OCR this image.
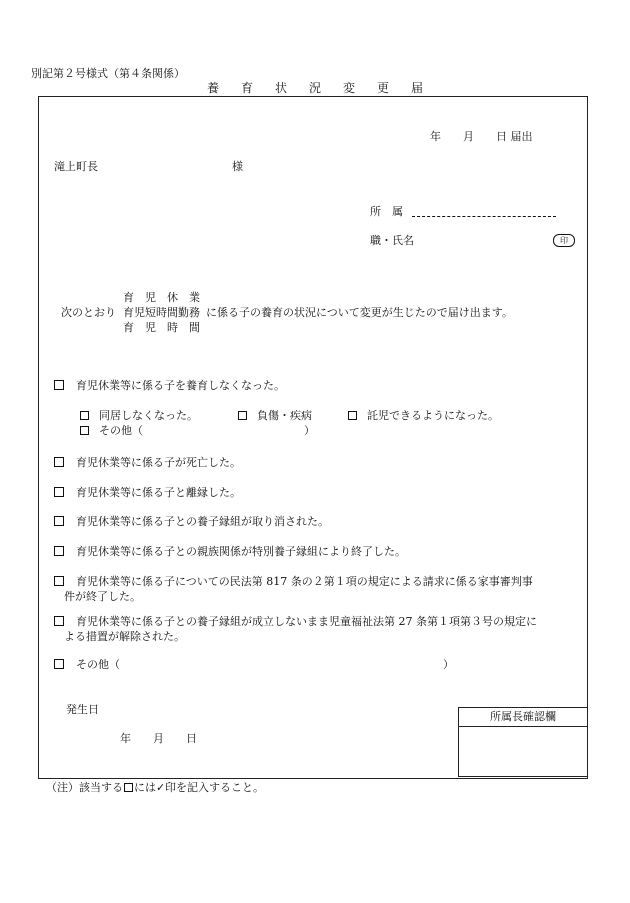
別記第２号様式（第４条関係）
養 育 状 況 変 更 届
年　　月　　日 届出
滝上町長	様
所　属
職・氏名	印
育　児　休　業
次のとおり 育児短時間勤務 に係る子の養育の状況について変更が生じたので届け出ます。
育　児　時　間
育児休業等に係る子を養育しなくなった。
同居しなくなった。	負傷・疾病	託児できるようになった。
その他（	）
育児休業等に係る子が死亡した。
育児休業等に係る子と離縁した。
育児休業等に係る子との養子縁組が取り消された。
育児休業等に係る子との親族関係が特別養子縁組により終了した。
育児休業等に係る子についての民法第 817 条の２第１項の規定による請求に係る家事審判事
件が終了した。
育児休業等に係る子との養子縁組が成立しないまま児童福祉法第 27 条第１項第３号の規定に
よる措置が解除された。
その他（	）
発生日
年　　月　　日
所属長確認欄
（注）該当する には✓印を記入すること。
